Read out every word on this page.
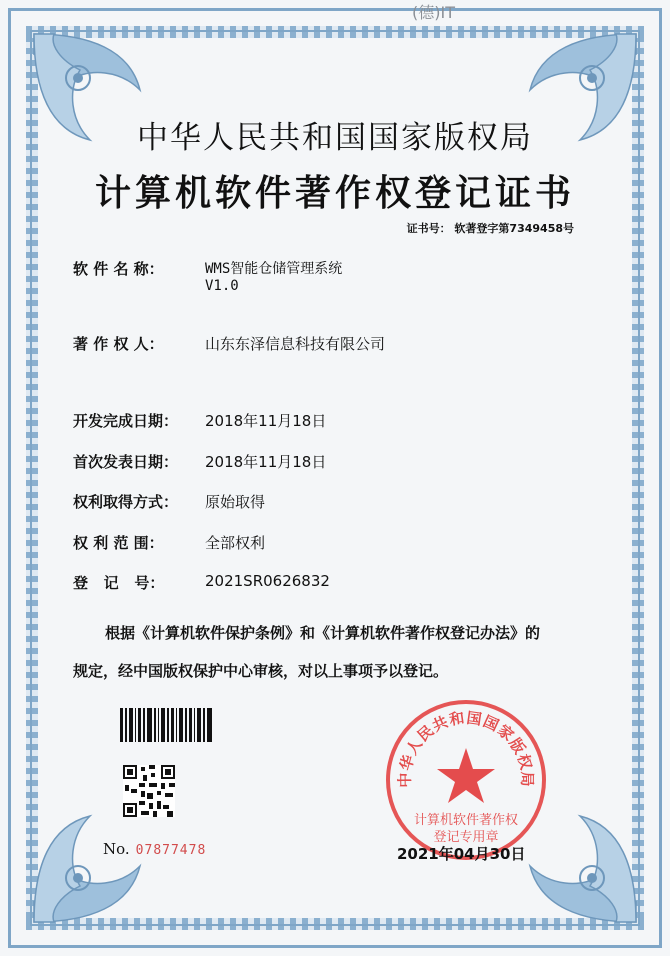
(德)IT
中华人民共和国国家版权局
计算机软件著作权登记证书
证书号： 软著登字第7349458号
软 件 名 称：	WMS智能仓储管理系统
V1.0
著 作 权 人：	山东东泽信息科技有限公司
开发完成日期：	2018年11月18日
首次发表日期：	2018年11月18日
权利取得方式：	原始取得
权 利 范 围：	全部权利
登   记   号：	2021SR0626832
根据《计算机软件保护条例》和《计算机软件著作权登记办法》的
规定，经中国版权保护中心审核，对以上事项予以登记。
No. 07877478
中华人民共和国国家版权局
计算机软件著作权
登记专用章
2021年04月30日
